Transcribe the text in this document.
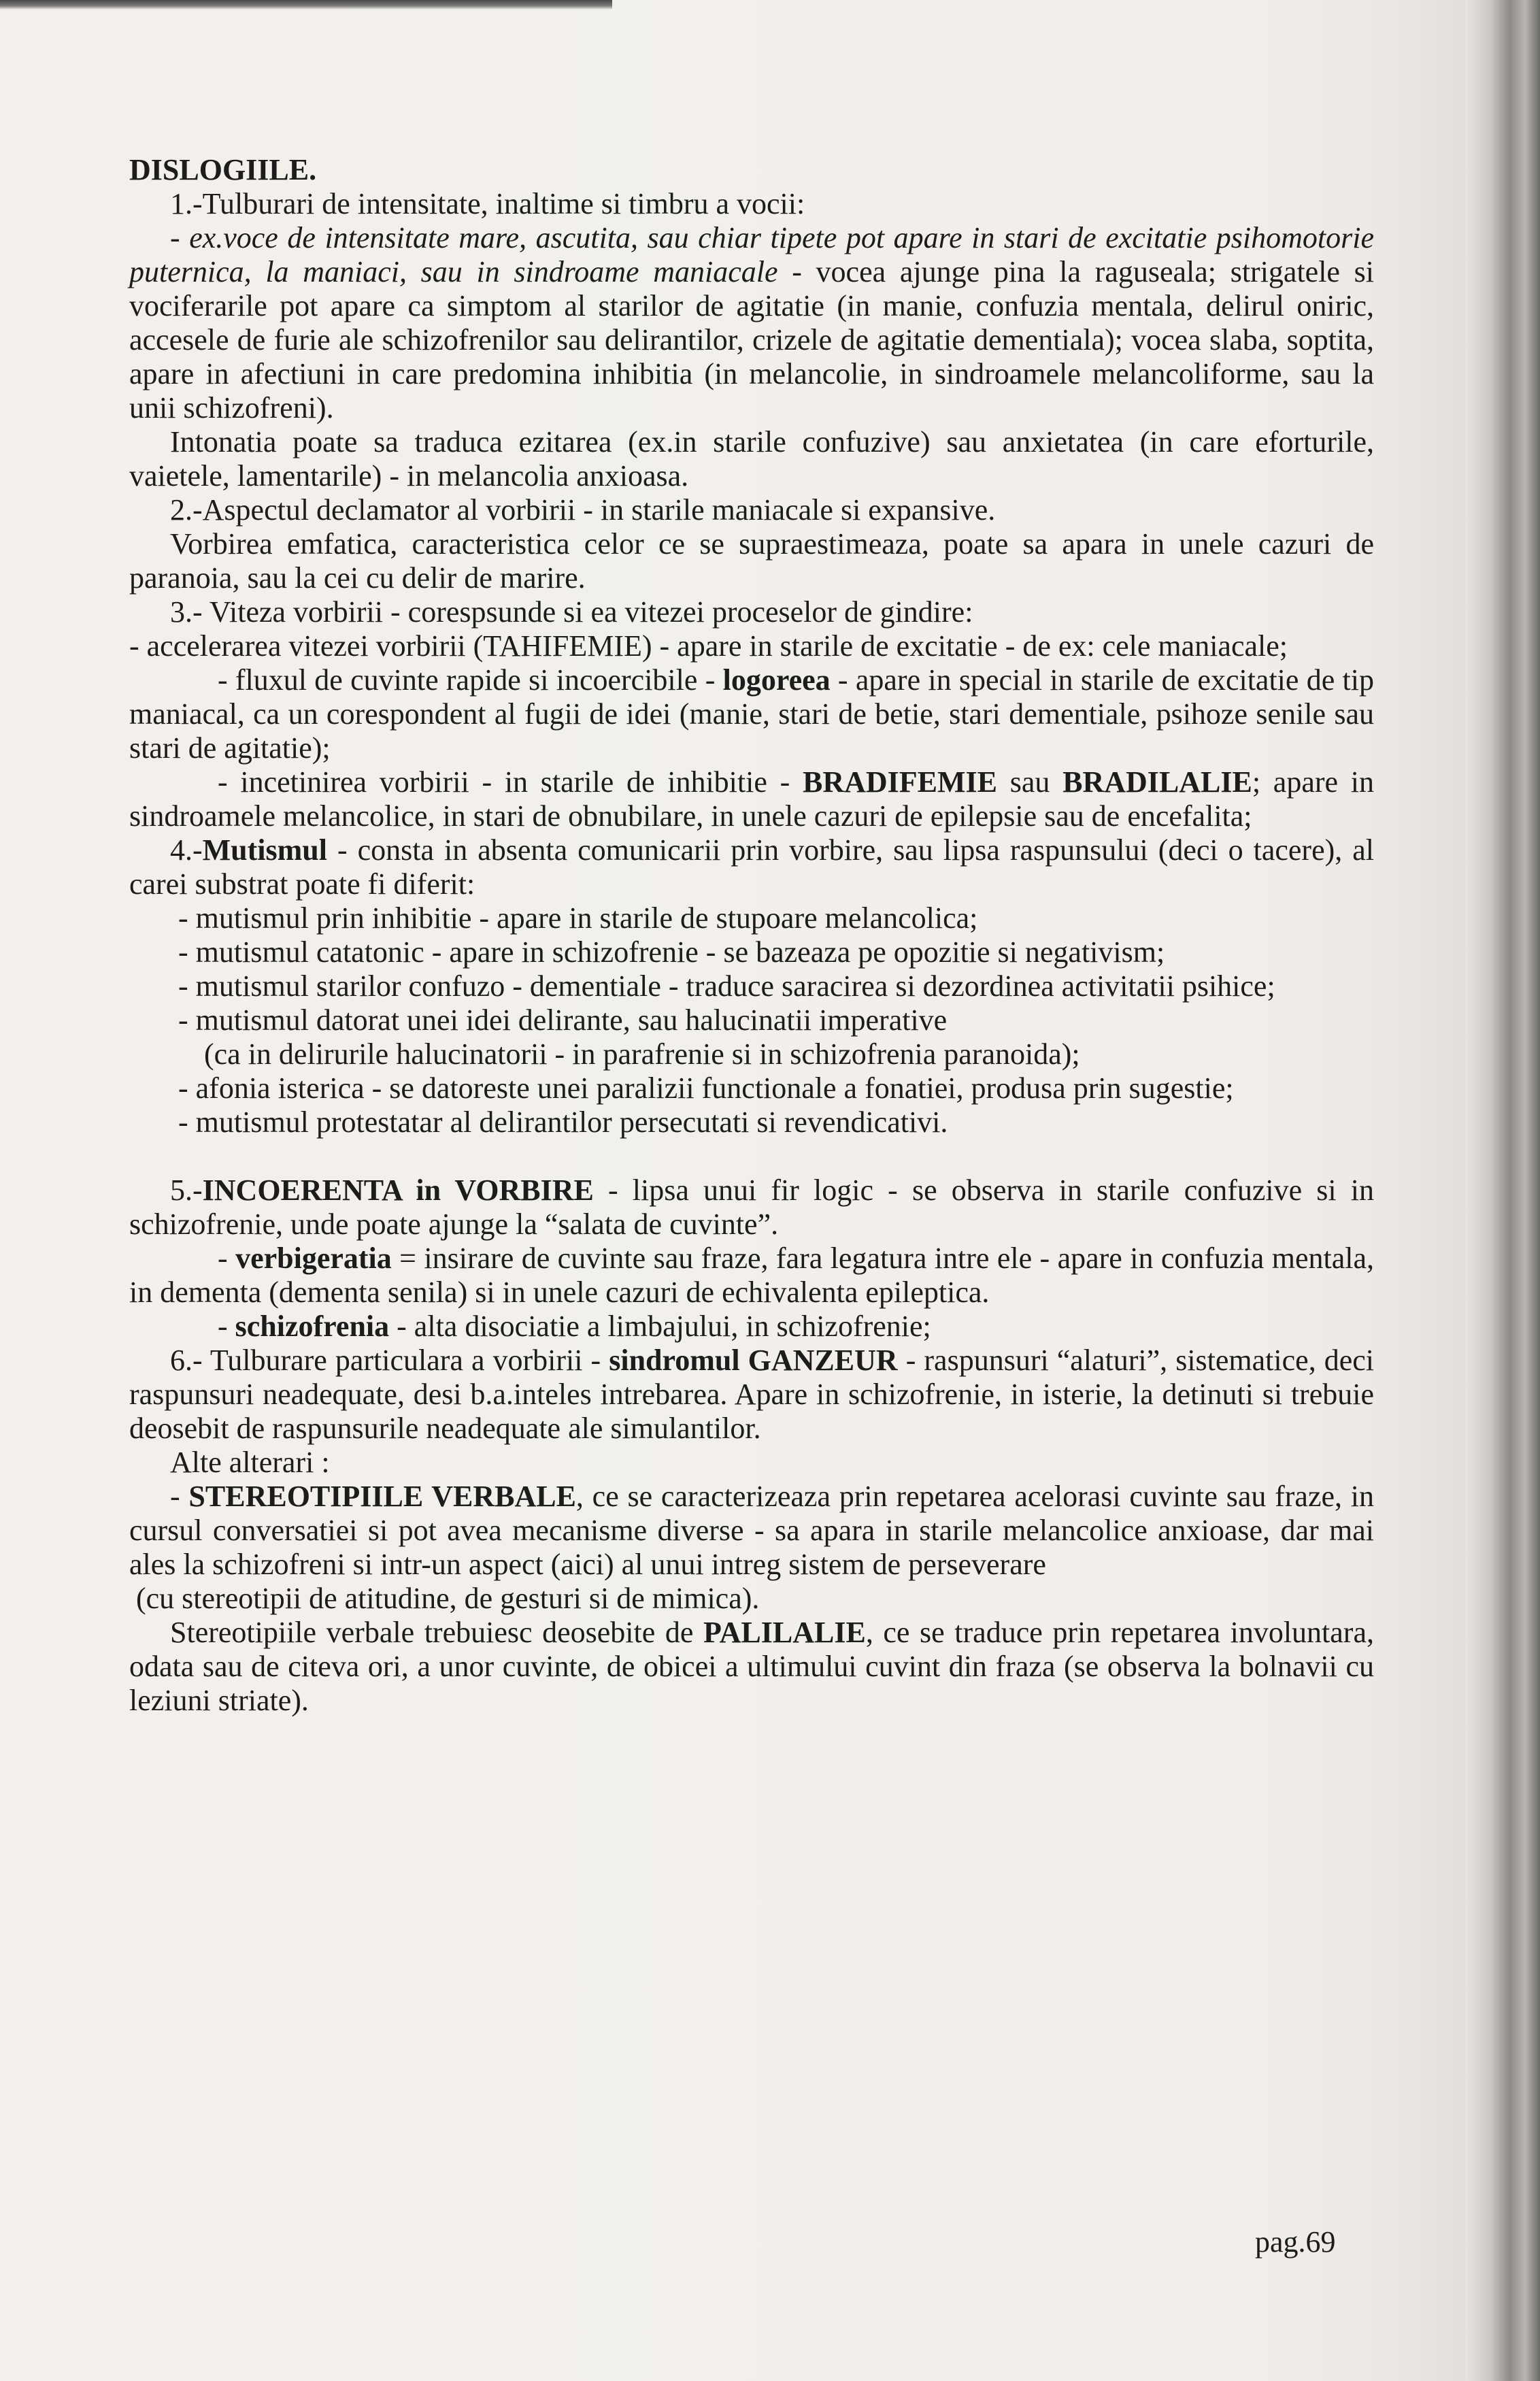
DISLOGIILE.

1.-Tulburari de intensitate, inaltime si timbru a vocii:

- ex.voce de intensitate mare, ascutita, sau chiar tipete pot apare in stari de excitatie psihomotorie puternica, la maniaci, sau in sindroame maniacale - vocea ajunge pina la raguseala; strigatele si vociferarile pot apare ca simptom al starilor de agitatie (in manie, confuzia mentala, delirul oniric, accesele de furie ale schizofrenilor sau delirantilor, crizele de agitatie dementiala); vocea slaba, soptita, apare in afectiuni in care predomina inhibitia (in melancolie, in sindroamele melancoliforme, sau la unii schizofreni).

Intonatia poate sa traduca ezitarea (ex.in starile confuzive) sau anxietatea (in care eforturile, vaietele, lamentarile) - in melancolia anxioasa.

2.-Aspectul declamator al vorbirii - in starile maniacale si expansive.

Vorbirea emfatica, caracteristica celor ce se supraestimeaza, poate sa apara in unele cazuri de paranoia, sau la cei cu delir de marire.

3.- Viteza vorbirii - corespsunde si ea vitezei proceselor de gindire:

- accelerarea vitezei vorbirii (TAHIFEMIE) - apare in starile de excitatie - de ex: cele maniacale;

- fluxul de cuvinte rapide si incoercibile - logoreea - apare in special in starile de excitatie de tip maniacal, ca un corespondent al fugii de idei (manie, stari de betie, stari dementiale, psihoze senile sau stari de agitatie);

- incetinirea vorbirii - in starile de inhibitie - BRADIFEMIE sau BRADILALIE; apare in sindroamele melancolice, in stari de obnubilare, in unele cazuri de epilepsie sau de encefalita;

4.-Mutismul - consta in absenta comunicarii prin vorbire, sau lipsa raspunsului (deci o tacere), al carei substrat poate fi diferit:

- mutismul prin inhibitie - apare in starile de stupoare melancolica;

- mutismul catatonic - apare in schizofrenie - se bazeaza pe opozitie si negativism;

- mutismul starilor confuzo - dementiale - traduce saracirea si dezordinea activitatii psihice;

- mutismul datorat unei idei delirante, sau halucinatii imperative

(ca in delirurile halucinatorii - in parafrenie si in schizofrenia paranoida);

- afonia isterica - se datoreste unei paralizii functionale a fonatiei, produsa prin sugestie;

- mutismul protestatar al delirantilor persecutati si revendicativi.

5.-INCOERENTA in VORBIRE - lipsa unui fir logic - se observa in starile confuzive si in schizofrenie, unde poate ajunge la “salata de cuvinte”.

- verbigeratia = insirare de cuvinte sau fraze, fara legatura intre ele - apare in confuzia mentala, in dementa (dementa senila) si in unele cazuri de echivalenta epileptica.

- schizofrenia - alta disociatie a limbajului, in schizofrenie;

6.- Tulburare particulara a vorbirii - sindromul GANZEUR - raspunsuri “alaturi”, sistematice, deci raspunsuri neadequate, desi b.a.inteles intrebarea. Apare in schizofrenie, in isterie, la detinuti si trebuie deosebit de raspunsurile neadequate ale simulantilor.

Alte alterari :

- STEREOTIPIILE VERBALE, ce se caracterizeaza prin repetarea acelorasi cuvinte sau fraze, in cursul conversatiei si pot avea mecanisme diverse - sa apara in starile melancolice anxioase, dar mai ales la schizofreni si intr-un aspect (aici) al unui intreg sistem de perseverare

(cu stereotipii de atitudine, de gesturi si de mimica).

Stereotipiile verbale trebuiesc deosebite de PALILALIE, ce se traduce prin repetarea involuntara, odata sau de citeva ori, a unor cuvinte, de obicei a ultimului cuvint din fraza (se observa la bolnavii cu leziuni striate).

pag.69
